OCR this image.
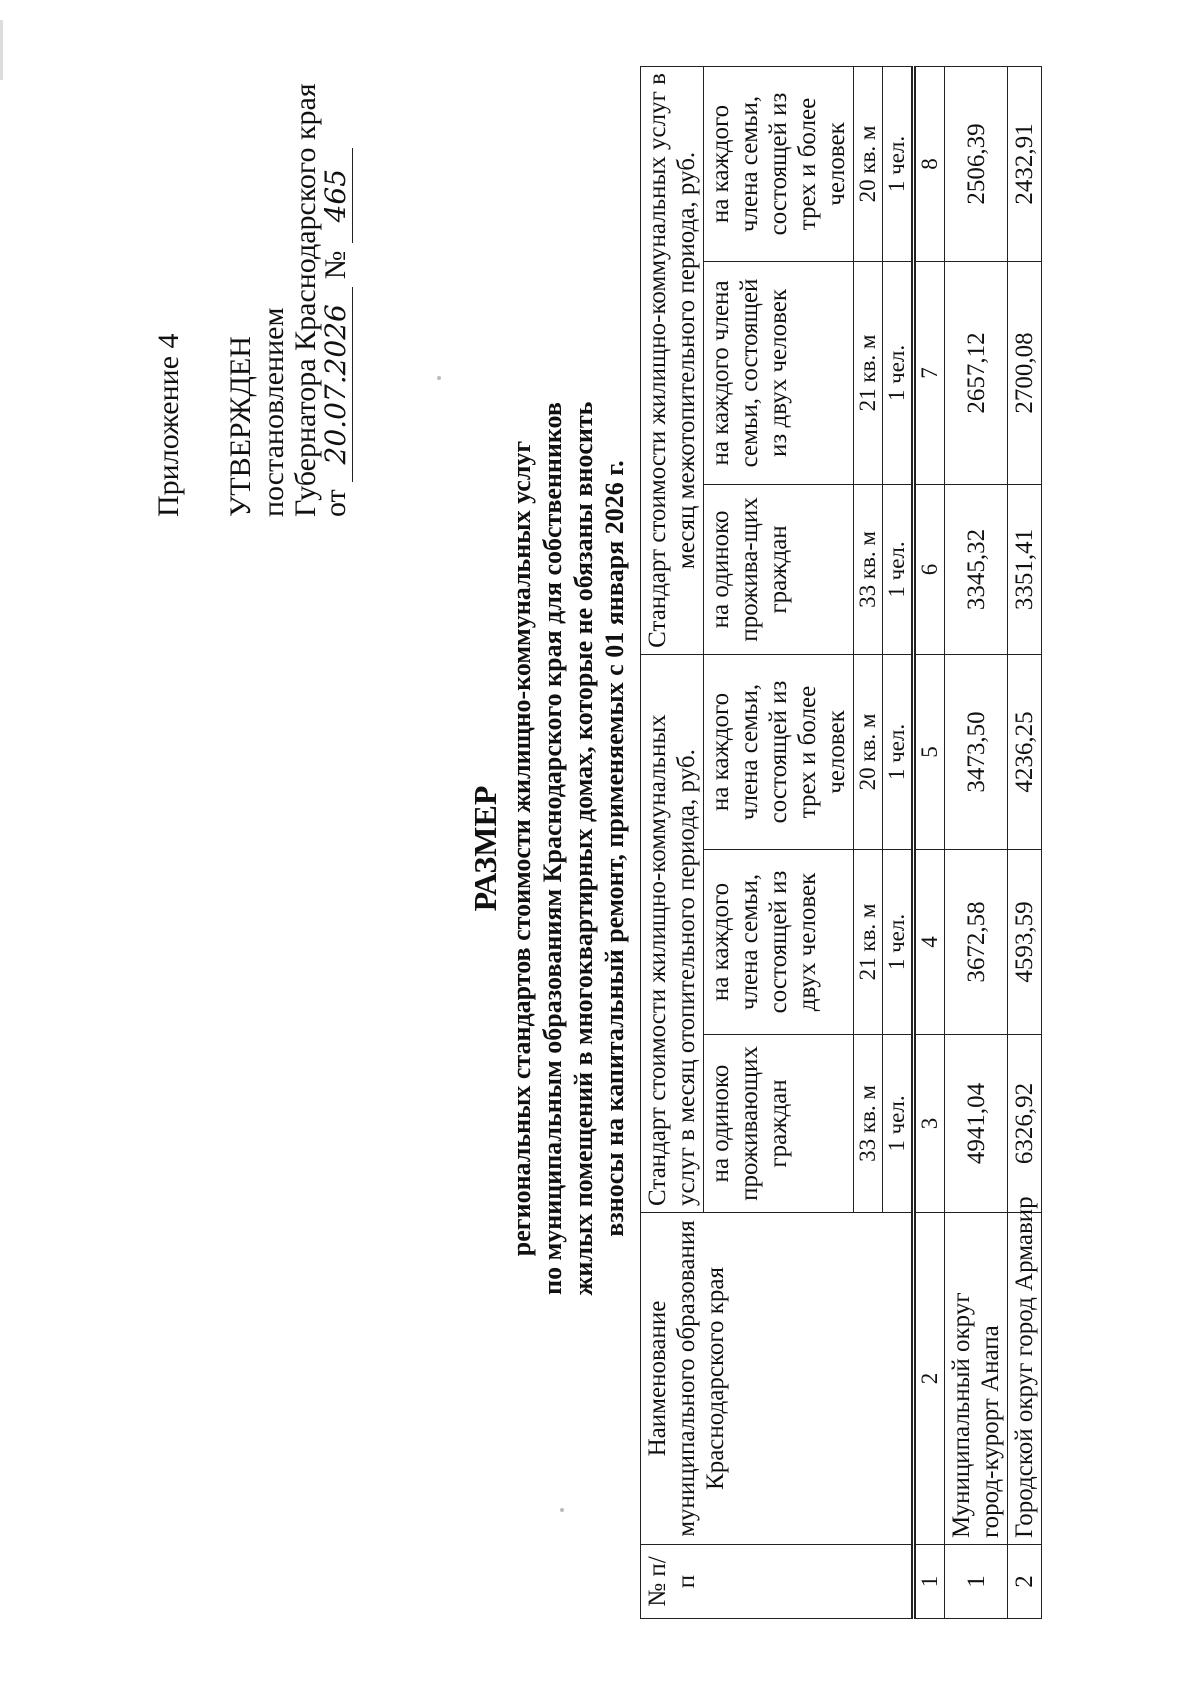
Приложение 4 УТВЕРЖДЕН постановлением Губернатора Краснодарского края
от 20.07.2026 № 465
РАЗМЕР региональных стандартов стоимости жилищно-коммунальных услуг по муниципальным образованиям Краснодарского края для собственников жилых помещений в многоквартирных домах, которые не обязаны вносить взносы на капитальный ремонт, применяемых с 01 января 2026 г.
№ п/п	Наименование муниципального образования Краснодарского края	Стандарт стоимости жилищно-коммунальных услуг в месяц отопительного периода, руб.			Стандарт стоимости жилищно-коммунальных услуг в месяц межотопительного периода, руб.		
		на одиноко проживающих граждан	на каждого члена семьи, состоящей из двух человек	на каждого члена семьи, состоящей из трех и более человек	на одиноко прожива-щих граждан	на каждого члена семьи, состоящей из двух человек	на каждого члена семьи, состоящей из трех и более человек
		33 кв. м	21 кв. м	20 кв. м	33 кв. м	21 кв. м	20 кв. м
		1 чел.	1 чел.	1 чел.	1 чел.	1 чел.	1 чел.
1	2	3	4	5	6	7	8
1	Муниципальный округ город-курорт Анапа	4941,04	3672,58	3473,50	3345,32	2657,12	2506,39
2	Городской округ город Армавир	6326,92	4593,59	4236,25	3351,41	2700,08	2432,91
